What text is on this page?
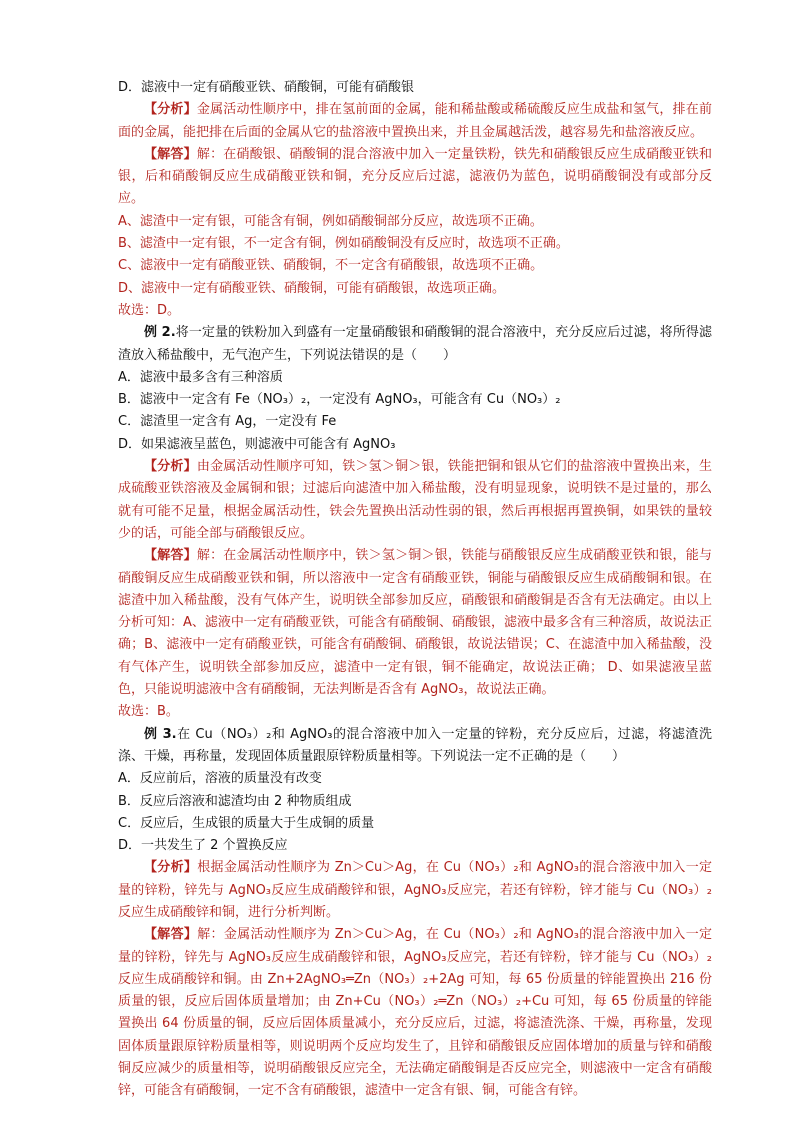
D．滤液中一定有硝酸亚铁、硝酸铜，可能有硝酸银

【分析】金属活动性顺序中，排在氢前面的金属，能和稀盐酸或稀硫酸反应生成盐和氢气，排在前面的金属，能把排在后面的金属从它的盐溶液中置换出来，并且金属越活泼，越容易先和盐溶液反应。

【解答】解：在硝酸银、硝酸铜的混合溶液中加入一定量铁粉，铁先和硝酸银反应生成硝酸亚铁和银，后和硝酸铜反应生成硝酸亚铁和铜，充分反应后过滤，滤液仍为蓝色，说明硝酸铜没有或部分反应。

A、滤渣中一定有银，可能含有铜，例如硝酸铜部分反应，故选项不正确。

B、滤渣中一定有银，不一定含有铜，例如硝酸铜没有反应时，故选项不正确。

C、滤液中一定有硝酸亚铁、硝酸铜，不一定含有硝酸银，故选项不正确。

D、滤液中一定有硝酸亚铁、硝酸铜，可能有硝酸银，故选项正确。

故选：D。

例 2.将一定量的铁粉加入到盛有一定量硝酸银和硝酸铜的混合溶液中，充分反应后过滤，将所得滤渣放入稀盐酸中，无气泡产生，下列说法错误的是（　　）

A．滤液中最多含有三种溶质

B．滤液中一定含有 Fe（NO₃）₂，一定没有 AgNO₃，可能含有 Cu（NO₃）₂

C．滤渣里一定含有 Ag，一定没有 Fe

D．如果滤液呈蓝色，则滤液中可能含有 AgNO₃

【分析】由金属活动性顺序可知，铁＞氢＞铜＞银，铁能把铜和银从它们的盐溶液中置换出来，生成硫酸亚铁溶液及金属铜和银；过滤后向滤渣中加入稀盐酸，没有明显现象，说明铁不是过量的，那么就有可能不足量，根据金属活动性，铁会先置换出活动性弱的银，然后再根据再置换铜，如果铁的量较少的话，可能全部与硝酸银反应。

【解答】解：在金属活动性顺序中，铁＞氢＞铜＞银，铁能与硝酸银反应生成硝酸亚铁和银，能与硝酸铜反应生成硝酸亚铁和铜，所以溶液中一定含有硝酸亚铁，铜能与硝酸银反应生成硝酸铜和银。在滤渣中加入稀盐酸，没有气体产生，说明铁全部参加反应，硝酸银和硝酸铜是否含有无法确定。由以上分析可知：A、滤液中一定有硝酸亚铁，可能含有硝酸铜、硝酸银，滤液中最多含有三种溶质，故说法正确；B、滤液中一定有硝酸亚铁，可能含有硝酸铜、硝酸银，故说法错误；C、在滤渣中加入稀盐酸，没有气体产生，说明铁全部参加反应，滤渣中一定有银，铜不能确定，故说法正确； D、如果滤液呈蓝色，只能说明滤液中含有硝酸铜，无法判断是否含有 AgNO₃，故说法正确。

故选：B。

例 3.在 Cu（NO₃）₂和 AgNO₃的混合溶液中加入一定量的锌粉，充分反应后，过滤，将滤渣洗涤、干燥，再称量，发现固体质量跟原锌粉质量相等。下列说法一定不正确的是（　　）

A．反应前后，溶液的质量没有改变

B．反应后溶液和滤渣均由 2 种物质组成

C．反应后，生成银的质量大于生成铜的质量

D．一共发生了 2 个置换反应

【分析】根据金属活动性顺序为 Zn＞Cu＞Ag，在 Cu（NO₃）₂和 AgNO₃的混合溶液中加入一定量的锌粉，锌先与 AgNO₃反应生成硝酸锌和银，AgNO₃反应完，若还有锌粉，锌才能与 Cu（NO₃）₂反应生成硝酸锌和铜，进行分析判断。

【解答】解：金属活动性顺序为 Zn＞Cu＞Ag，在 Cu（NO₃）₂和 AgNO₃的混合溶液中加入一定量的锌粉，锌先与 AgNO₃反应生成硝酸锌和银，AgNO₃反应完，若还有锌粉，锌才能与 Cu（NO₃）₂反应生成硝酸锌和铜。由 Zn+2AgNO₃═Zn（NO₃）₂+2Ag 可知，每 65 份质量的锌能置换出 216 份质量的银，反应后固体质量增加；由 Zn+Cu（NO₃）₂═Zn（NO₃）₂+Cu 可知，每 65 份质量的锌能置换出 64 份质量的铜，反应后固体质量减小，充分反应后，过滤，将滤渣洗涤、干燥，再称量，发现固体质量跟原锌粉质量相等，则说明两个反应均发生了，且锌和硝酸银反应固体增加的质量与锌和硝酸铜反应减少的质量相等，说明硝酸银反应完全，无法确定硝酸铜是否反应完全，则滤液中一定含有硝酸锌，可能含有硝酸铜，一定不含有硝酸银，滤渣中一定含有银、铜，可能含有锌。
